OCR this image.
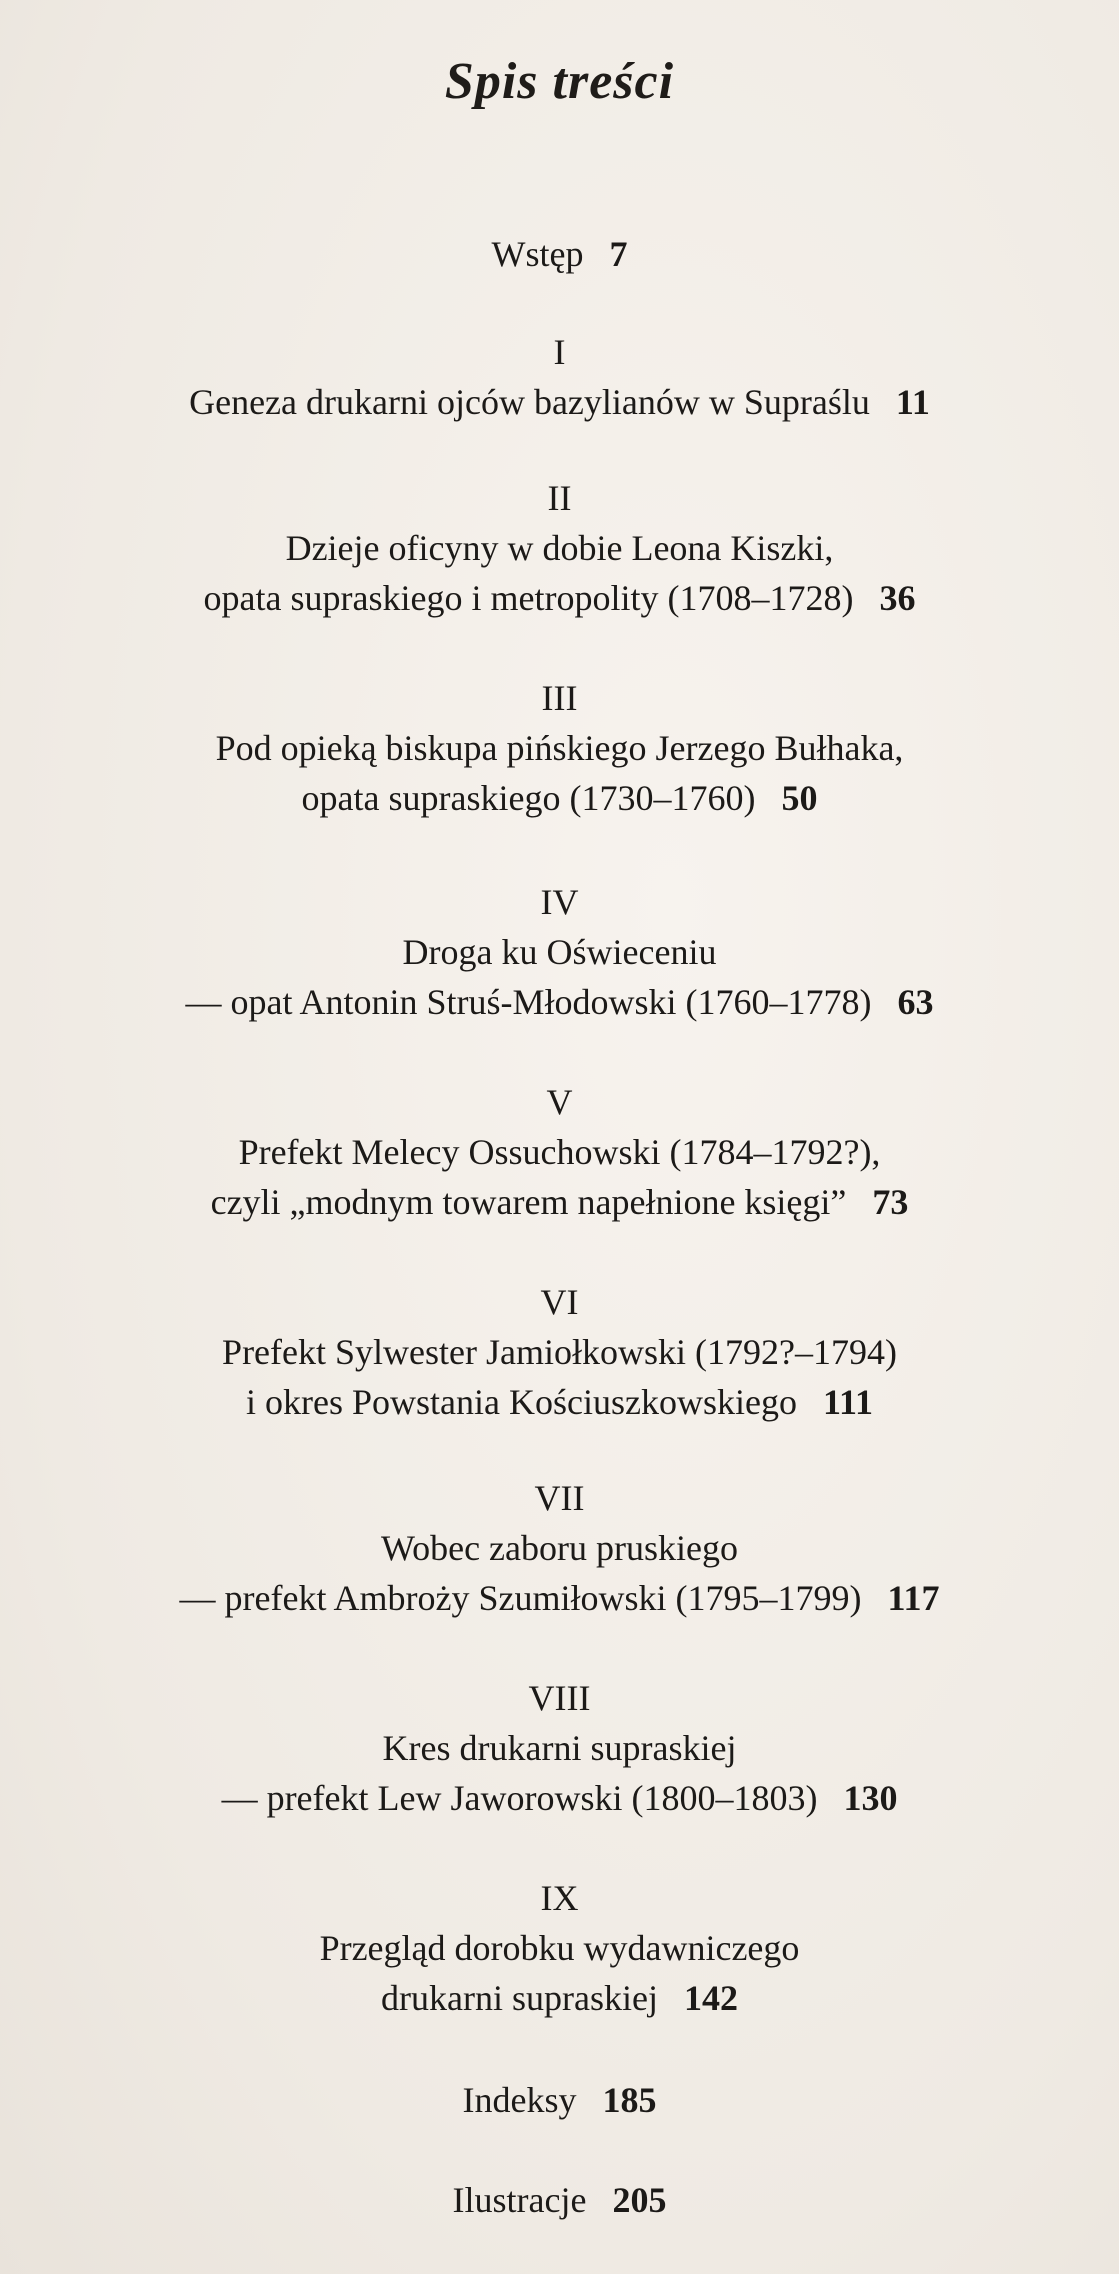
Spis treści
Wstęp 7
I
Geneza drukarni ojców bazylianów w Supraślu 11
II
Dzieje oficyny w dobie Leona Kiszki,
opata supraskiego i metropolity (1708–1728) 36
III
Pod opieką biskupa pińskiego Jerzego Bułhaka,
opata supraskiego (1730–1760) 50
IV
Droga ku Oświeceniu
— opat Antonin Struś-Młodowski (1760–1778) 63
V
Prefekt Melecy Ossuchowski (1784–1792?),
czyli „modnym towarem napełnione księgi” 73
VI
Prefekt Sylwester Jamiołkowski (1792?–1794)
i okres Powstania Kościuszkowskiego 111
VII
Wobec zaboru pruskiego
— prefekt Ambroży Szumiłowski (1795–1799) 117
VIII
Kres drukarni supraskiej
— prefekt Lew Jaworowski (1800–1803) 130
IX
Przegląd dorobku wydawniczego
drukarni supraskiej 142
Indeksy 185
Ilustracje 205
